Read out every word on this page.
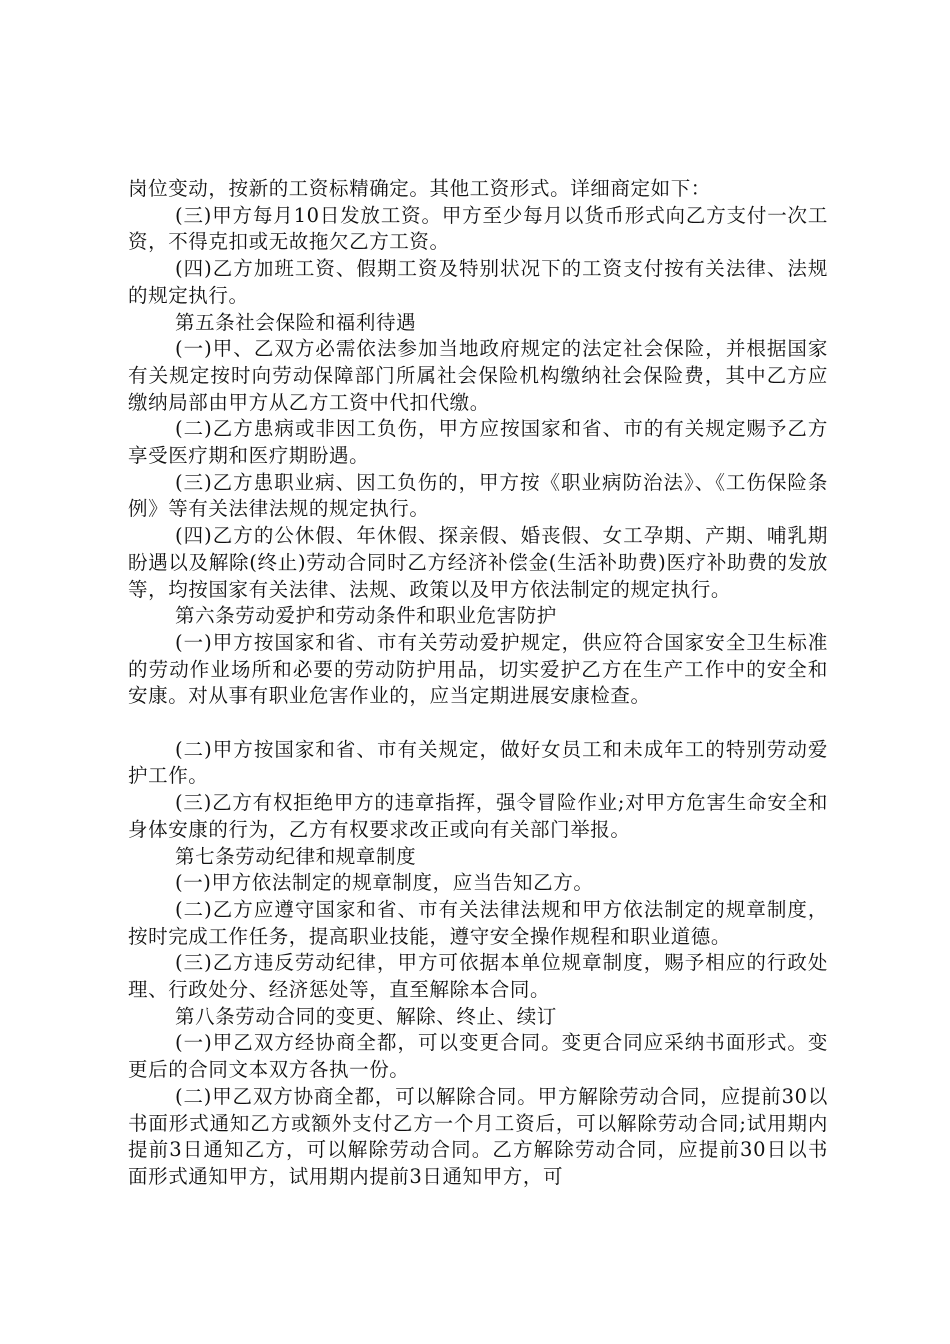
岗位变动，按新的工资标精确定。其他工资形式。详细商定如下：

(三)甲方每月10日发放工资。甲方至少每月以货币形式向乙方支付一次工资，不得克扣或无故拖欠乙方工资。

(四)乙方加班工资、假期工资及特别状况下的工资支付按有关法律、法规的规定执行。

第五条社会保险和福利待遇

(一)甲、乙双方必需依法参加当地政府规定的法定社会保险，并根据国家有关规定按时向劳动保障部门所属社会保险机构缴纳社会保险费，其中乙方应缴纳局部由甲方从乙方工资中代扣代缴。

(二)乙方患病或非因工负伤，甲方应按国家和省、市的有关规定赐予乙方享受医疗期和医疗期盼遇。

(三)乙方患职业病、因工负伤的，甲方按《职业病防治法》、《工伤保险条例》等有关法律法规的规定执行。

(四)乙方的公休假、年休假、探亲假、婚丧假、女工孕期、产期、哺乳期盼遇以及解除(终止)劳动合同时乙方经济补偿金(生活补助费)医疗补助费的发放等，均按国家有关法律、法规、政策以及甲方依法制定的规定执行。

第六条劳动爱护和劳动条件和职业危害防护

(一)甲方按国家和省、市有关劳动爱护规定，供应符合国家安全卫生标准的劳动作业场所和必要的劳动防护用品，切实爱护乙方在生产工作中的安全和安康。对从事有职业危害作业的，应当定期进展安康检查。

(二)甲方按国家和省、市有关规定，做好女员工和未成年工的特别劳动爱护工作。

(三)乙方有权拒绝甲方的违章指挥，强令冒险作业;对甲方危害生命安全和身体安康的行为，乙方有权要求改正或向有关部门举报。

第七条劳动纪律和规章制度

(一)甲方依法制定的规章制度，应当告知乙方。

(二)乙方应遵守国家和省、市有关法律法规和甲方依法制定的规章制度，按时完成工作任务，提高职业技能，遵守安全操作规程和职业道德。

(三)乙方违反劳动纪律，甲方可依据本单位规章制度，赐予相应的行政处理、行政处分、经济惩处等，直至解除本合同。

第八条劳动合同的变更、解除、终止、续订

(一)甲乙双方经协商全都，可以变更合同。变更合同应采纳书面形式。变更后的合同文本双方各执一份。

(二)甲乙双方协商全都，可以解除合同。甲方解除劳动合同，应提前30以书面形式通知乙方或额外支付乙方一个月工资后，可以解除劳动合同;试用期内提前3日通知乙方，可以解除劳动合同。乙方解除劳动合同，应提前30日以书面形式通知甲方，试用期内提前3日通知甲方，可
